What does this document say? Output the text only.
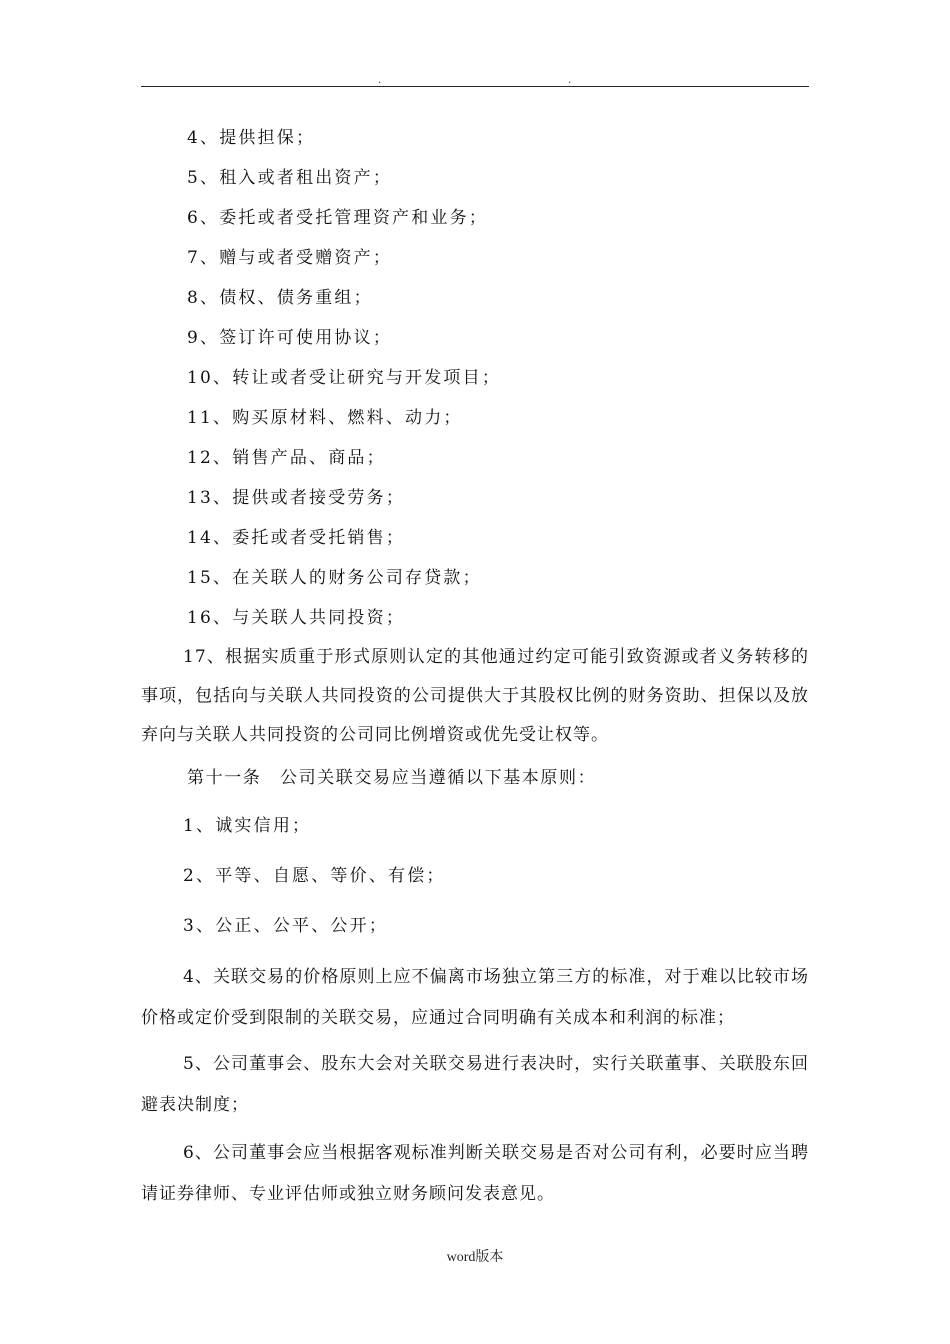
.	.
4、提供担保；
5、租入或者租出资产；
6、委托或者受托管理资产和业务；
7、赠与或者受赠资产；
8、债权、债务重组；
9、签订许可使用协议；
10、转让或者受让研究与开发项目；
11、购买原材料、燃料、动力；
12、销售产品、商品；
13、提供或者接受劳务；
14、委托或者受托销售；
15、在关联人的财务公司存贷款；
16、与关联人共同投资；

17、根据实质重于形式原则认定的其他通过约定可能引致资源或者义务转移的事项，包括向与关联人共同投资的公司提供大于其股权比例的财务资助、担保以及放弃向与关联人共同投资的公司同比例增资或优先受让权等。

第十一条　公司关联交易应当遵循以下基本原则：
1、诚实信用；
2、平等、自愿、等价、有偿；
3、公正、公平、公开；

4、关联交易的价格原则上应不偏离市场独立第三方的标准，对于难以比较市场价格或定价受到限制的关联交易，应通过合同明确有关成本和利润的标准；

5、公司董事会、股东大会对关联交易进行表决时，实行关联董事、关联股东回避表决制度；

6、公司董事会应当根据客观标准判断关联交易是否对公司有利，必要时应当聘请证券律师、专业评估师或独立财务顾问发表意见。

word版本
